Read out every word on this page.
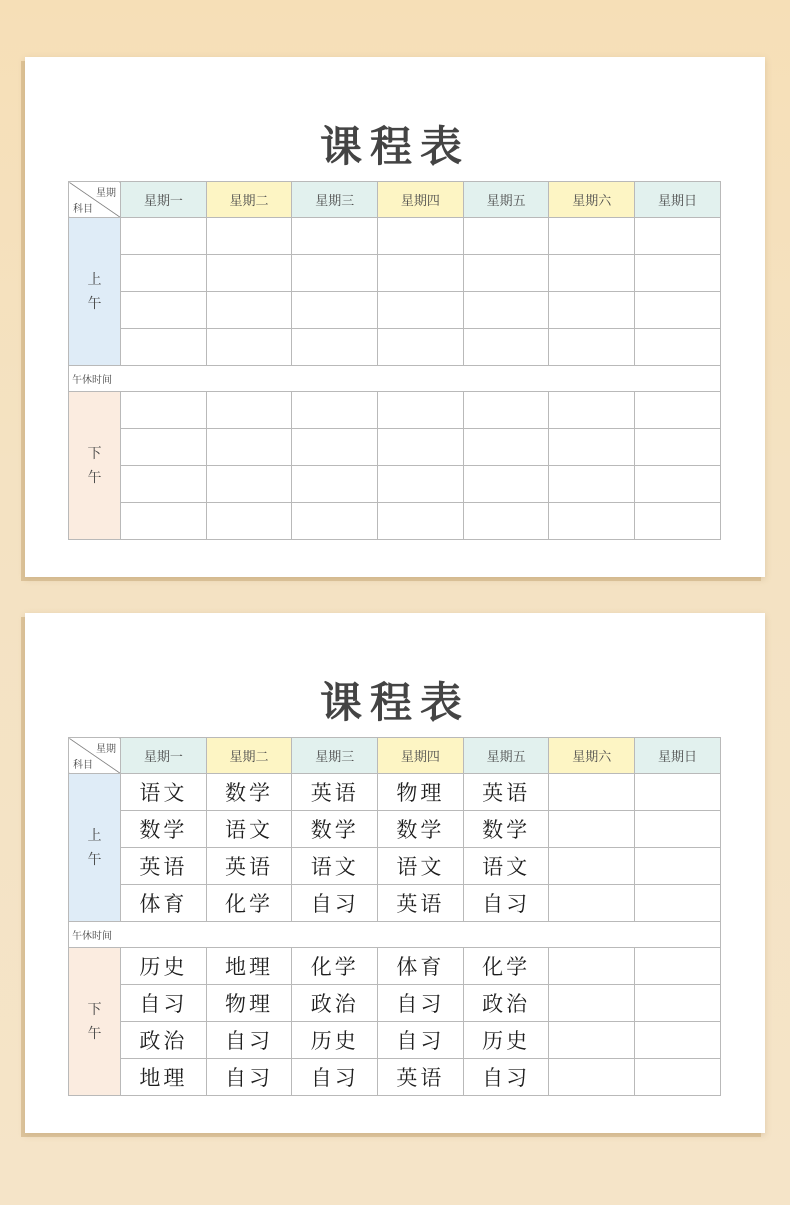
课程表
星期
科目	星期一	星期二	星期三	星期四	星期五	星期六	星期日

上
午							

午休时间							

下
午							

课程表
星期
科目	星期一	星期二	星期三	星期四	星期五	星期六	星期日

上
午	语文	数学	英语	物理	英语		
	数学	语文	数学	数学	数学		
	英语	英语	语文	语文	语文		
	体育	化学	自习	英语	自习		
午休时间							

下
午	历史	地理	化学	体育	化学		
	自习	物理	政治	自习	政治		
	政治	自习	历史	自习	历史		
	地理	自习	自习	英语	自习		
